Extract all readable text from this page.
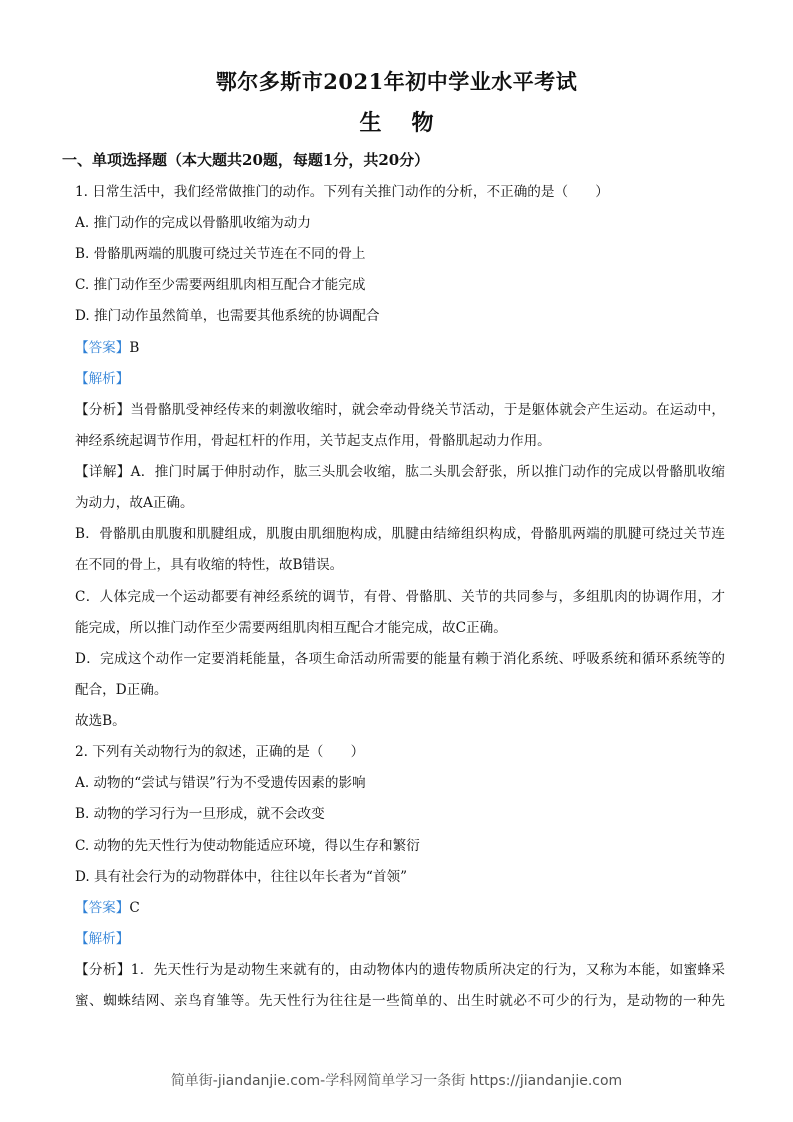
鄂尔多斯市2021年初中学业水平考试
生物
一、单项选择题（本大题共20题，每题1分，共20分）
1. 日常生活中，我们经常做推门的动作。下列有关推门动作的分析，不正确的是（　　）
A. 推门动作的完成以骨骼肌收缩为动力
B. 骨骼肌两端的肌腹可绕过关节连在不同的骨上
C. 推门动作至少需要两组肌肉相互配合才能完成
D. 推门动作虽然简单，也需要其他系统的协调配合
【答案】B
【解析】
【分析】当骨骼肌受神经传来的刺激收缩时，就会牵动骨绕关节活动，于是躯体就会产生运动。在运动中，
神经系统起调节作用，骨起杠杆的作用，关节起支点作用，骨骼肌起动力作用。
【详解】A．推门时属于伸肘动作，肱三头肌会收缩，肱二头肌会舒张，所以推门动作的完成以骨骼肌收缩
为动力，故A正确。
B．骨骼肌由肌腹和肌腱组成，肌腹由肌细胞构成，肌腱由结缔组织构成，骨骼肌两端的肌腱可绕过关节连
在不同的骨上，具有收缩的特性，故B错误。
C．人体完成一个运动都要有神经系统的调节，有骨、骨骼肌、关节的共同参与，多组肌肉的协调作用，才
能完成，所以推门动作至少需要两组肌肉相互配合才能完成，故C正确。
D．完成这个动作一定要消耗能量，各项生命活动所需要的能量有赖于消化系统、呼吸系统和循环系统等的
配合，D正确。
故选B。
2. 下列有关动物行为的叙述，正确的是（　　）
A. 动物的“尝试与错误”行为不受遗传因素的影响
B. 动物的学习行为一旦形成，就不会改变
C. 动物的先天性行为使动物能适应环境，得以生存和繁衍
D. 具有社会行为的动物群体中，往往以年长者为“首领”
【答案】C
【解析】
【分析】1．先天性行为是动物生来就有的，由动物体内的遗传物质所决定的行为，又称为本能，如蜜蜂采
蜜、蜘蛛结网、亲鸟育雏等。先天性行为往往是一些简单的、出生时就必不可少的行为，是动物的一种先
简单街-jiandanjie.com-学科网简单学习一条街 https://jiandanjie.com
